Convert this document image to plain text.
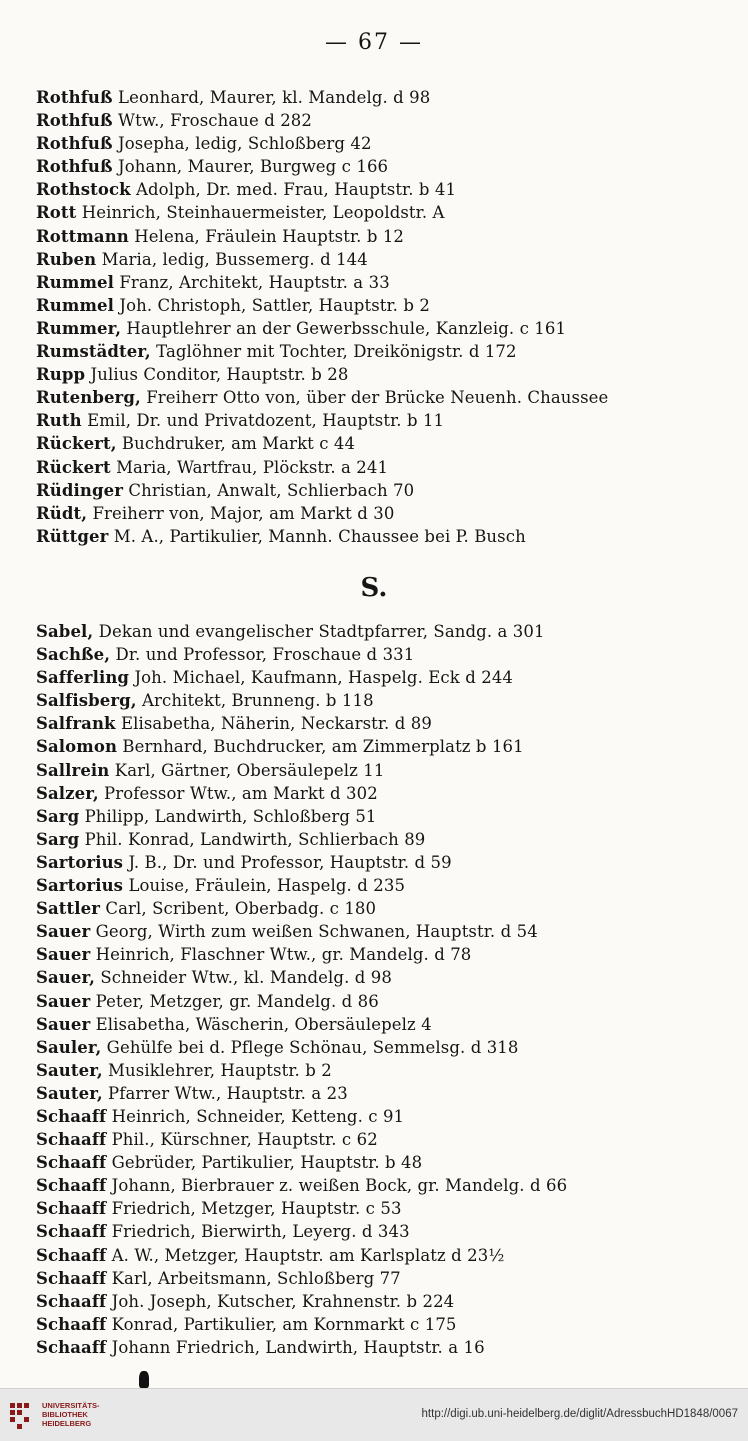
— 67 —
Rothfuß Leonhard, Maurer, kl. Mandelg. d 98
Rothfuß Wtw., Froschaue d 282
Rothfuß Josepha, ledig, Schloßberg 42
Rothfuß Johann, Maurer, Burgweg c 166
Rothstock Adolph, Dr. med. Frau, Hauptstr. b 41
Rott Heinrich, Steinhauermeister, Leopoldstr. A
Rottmann Helena, Fräulein Hauptstr. b 12
Ruben Maria, ledig, Bussemerg. d 144
Rummel Franz, Architekt, Hauptstr. a 33
Rummel Joh. Christoph, Sattler, Hauptstr. b 2
Rummer, Hauptlehrer an der Gewerbsschule, Kanzleig. c 161
Rumstädter, Taglöhner mit Tochter, Dreikönigstr. d 172
Rupp Julius Conditor, Hauptstr. b 28
Rutenberg, Freiherr Otto von, über der Brücke Neuenh. Chaussee
Ruth Emil, Dr. und Privatdozent, Hauptstr. b 11
Rückert, Buchdruker, am Markt c 44
Rückert Maria, Wartfrau, Plöckstr. a 241
Rüdinger Christian, Anwalt, Schlierbach 70
Rüdt, Freiherr von, Major, am Markt d 30
Rüttger M. A., Partikulier, Mannh. Chaussee bei P. Busch
S.
Sabel, Dekan und evangelischer Stadtpfarrer, Sandg. a 301
Sachße, Dr. und Professor, Froschaue d 331
Safferling Joh. Michael, Kaufmann, Haspelg. Eck d 244
Salfisberg, Architekt, Brunneng. b 118
Salfrank Elisabetha, Näherin, Neckarstr. d 89
Salomon Bernhard, Buchdrucker, am Zimmerplatz b 161
Sallrein Karl, Gärtner, Obersäulepelz 11
Salzer, Professor Wtw., am Markt d 302
Sarg Philipp, Landwirth, Schloßberg 51
Sarg Phil. Konrad, Landwirth, Schlierbach 89
Sartorius J. B., Dr. und Professor, Hauptstr. d 59
Sartorius Louise, Fräulein, Haspelg. d 235
Sattler Carl, Scribent, Oberbadg. c 180
Sauer Georg, Wirth zum weißen Schwanen, Hauptstr. d 54
Sauer Heinrich, Flaschner Wtw., gr. Mandelg. d 78
Sauer, Schneider Wtw., kl. Mandelg. d 98
Sauer Peter, Metzger, gr. Mandelg. d 86
Sauer Elisabetha, Wäscherin, Obersäulepelz 4
Sauler, Gehülfe bei d. Pflege Schönau, Semmelsg. d 318
Sauter, Musiklehrer, Hauptstr. b 2
Sauter, Pfarrer Wtw., Hauptstr. a 23
Schaaff Heinrich, Schneider, Ketteng. c 91
Schaaff Phil., Kürschner, Hauptstr. c 62
Schaaff Gebrüder, Partikulier, Hauptstr. b 48
Schaaff Johann, Bierbrauer z. weißen Bock, gr. Mandelg. d 66
Schaaff Friedrich, Metzger, Hauptstr. c 53
Schaaff Friedrich, Bierwirth, Leyerg. d 343
Schaaff A. W., Metzger, Hauptstr. am Karlsplatz d 23½
Schaaff Karl, Arbeitsmann, Schloßberg 77
Schaaff Joh. Joseph, Kutscher, Krahnenstr. b 224
Schaaff Konrad, Partikulier, am Kornmarkt c 175
Schaaff Johann Friedrich, Landwirth, Hauptstr. a 16
UNIVERSITÄTS-
BIBLIOTHEK
HEIDELBERG
http://digi.ub.uni-heidelberg.de/diglit/AdressbuchHD1848/0067
